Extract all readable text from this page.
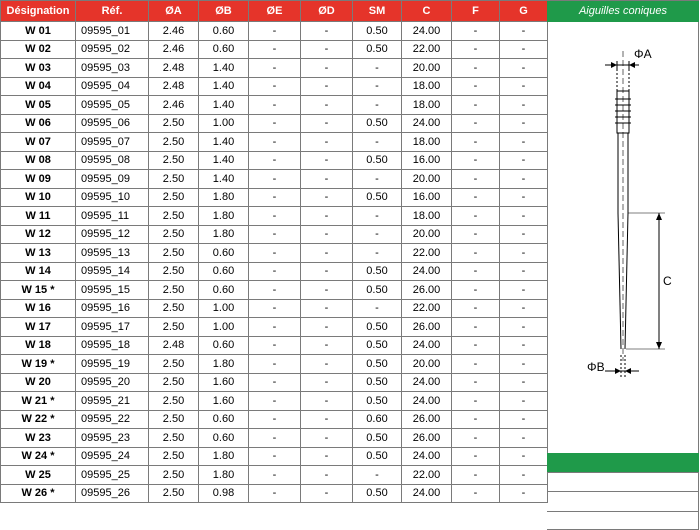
Désignation	Réf.	ØA	ØB	ØE	ØD	SM	C	F	G
W 01	09595_01	2.46	0.60	-	-	0.50	24.00	-	-
W 02	09595_02	2.46	0.60	-	-	0.50	22.00	-	-
W 03	09595_03	2.48	1.40	-	-	-	20.00	-	-
W 04	09595_04	2.48	1.40	-	-	-	18.00	-	-
W 05	09595_05	2.46	1.40	-	-	-	18.00	-	-
W 06	09595_06	2.50	1.00	-	-	0.50	24.00	-	-
W 07	09595_07	2.50	1.40	-	-	-	18.00	-	-
W 08	09595_08	2.50	1.40	-	-	0.50	16.00	-	-
W 09	09595_09	2.50	1.40	-	-	-	20.00	-	-
W 10	09595_10	2.50	1.80	-	-	0.50	16.00	-	-
W 11	09595_11	2.50	1.80	-	-	-	18.00	-	-
W 12	09595_12	2.50	1.80	-	-	-	20.00	-	-
W 13	09595_13	2.50	0.60	-	-	-	22.00	-	-
W 14	09595_14	2.50	0.60	-	-	0.50	24.00	-	-
W 15 *	09595_15	2.50	0.60	-	-	0.50	26.00	-	-
W 16	09595_16	2.50	1.00	-	-	-	22.00	-	-
W 17	09595_17	2.50	1.00	-	-	0.50	26.00	-	-
W 18	09595_18	2.48	0.60	-	-	0.50	24.00	-	-
W 19 *	09595_19	2.50	1.80	-	-	0.50	20.00	-	-
W 20	09595_20	2.50	1.60	-	-	0.50	24.00	-	-
W 21 *	09595_21	2.50	1.60	-	-	0.50	24.00	-	-
W 22 *	09595_22	2.50	0.60	-	-	0.60	26.00	-	-
W 23	09595_23	2.50	0.60	-	-	0.50	26.00	-	-
W 24 *	09595_24	2.50	1.80	-	-	0.50	24.00	-	-
W 25	09595_25	2.50	1.80	-	-	-	22.00	-	-
W 26 *	09595_26	2.50	0.98	-	-	0.50	24.00	-	-
Aiguilles coniques
ΦA
C
ΦB
